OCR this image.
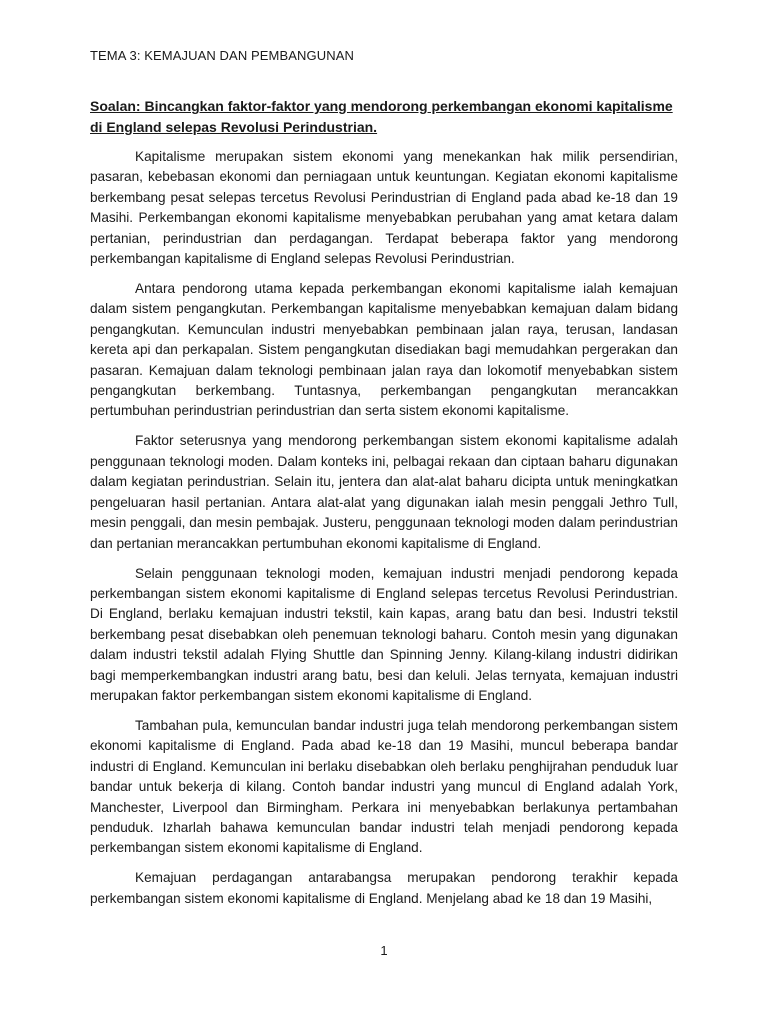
TEMA 3: KEMAJUAN DAN PEMBANGUNAN
Soalan: Bincangkan faktor-faktor yang mendorong perkembangan ekonomi kapitalisme di England selepas Revolusi Perindustrian.

Kapitalisme merupakan sistem ekonomi yang menekankan hak milik persendirian, pasaran, kebebasan ekonomi dan perniagaan untuk keuntungan. Kegiatan ekonomi kapitalisme berkembang pesat selepas tercetus Revolusi Perindustrian di England pada abad ke-18 dan 19 Masihi. Perkembangan ekonomi kapitalisme menyebabkan perubahan yang amat ketara dalam pertanian, perindustrian dan perdagangan. Terdapat beberapa faktor yang mendorong perkembangan kapitalisme di England selepas Revolusi Perindustrian.

Antara pendorong utama kepada perkembangan ekonomi kapitalisme ialah kemajuan dalam sistem pengangkutan. Perkembangan kapitalisme menyebabkan kemajuan dalam bidang pengangkutan. Kemunculan industri menyebabkan pembinaan jalan raya, terusan, landasan kereta api dan perkapalan. Sistem pengangkutan disediakan bagi memudahkan pergerakan dan pasaran. Kemajuan dalam teknologi pembinaan jalan raya dan lokomotif menyebabkan sistem pengangkutan berkembang. Tuntasnya, perkembangan pengangkutan merancakkan pertumbuhan perindustrian perindustrian dan serta sistem ekonomi kapitalisme.

Faktor seterusnya yang mendorong perkembangan sistem ekonomi kapitalisme adalah penggunaan teknologi moden. Dalam konteks ini, pelbagai rekaan dan ciptaan baharu digunakan dalam kegiatan perindustrian. Selain itu, jentera dan alat-alat baharu dicipta untuk meningkatkan pengeluaran hasil pertanian. Antara alat-alat yang digunakan ialah mesin penggali Jethro Tull, mesin penggali, dan mesin pembajak. Justeru, penggunaan teknologi moden dalam perindustrian dan pertanian merancakkan pertumbuhan ekonomi kapitalisme di England.

Selain penggunaan teknologi moden, kemajuan industri menjadi pendorong kepada perkembangan sistem ekonomi kapitalisme di England selepas tercetus Revolusi Perindustrian. Di England, berlaku kemajuan industri tekstil, kain kapas, arang batu dan besi. Industri tekstil berkembang pesat disebabkan oleh penemuan teknologi baharu. Contoh mesin yang digunakan dalam industri tekstil adalah Flying Shuttle dan Spinning Jenny. Kilang-kilang industri didirikan bagi memperkembangkan industri arang batu, besi dan keluli. Jelas ternyata, kemajuan industri merupakan faktor perkembangan sistem ekonomi kapitalisme di England.

Tambahan pula, kemunculan bandar industri juga telah mendorong perkembangan sistem ekonomi kapitalisme di England. Pada abad ke-18 dan 19 Masihi, muncul beberapa bandar industri di England. Kemunculan ini berlaku disebabkan oleh berlaku penghijrahan penduduk luar bandar untuk bekerja di kilang. Contoh bandar industri yang muncul di England adalah York, Manchester, Liverpool dan Birmingham. Perkara ini menyebabkan berlakunya pertambahan penduduk. Izharlah bahawa kemunculan bandar industri telah menjadi pendorong kepada perkembangan sistem ekonomi kapitalisme di England.

Kemajuan perdagangan antarabangsa merupakan pendorong terakhir kepada perkembangan sistem ekonomi kapitalisme di England. Menjelang abad ke 18 dan 19 Masihi,

1
